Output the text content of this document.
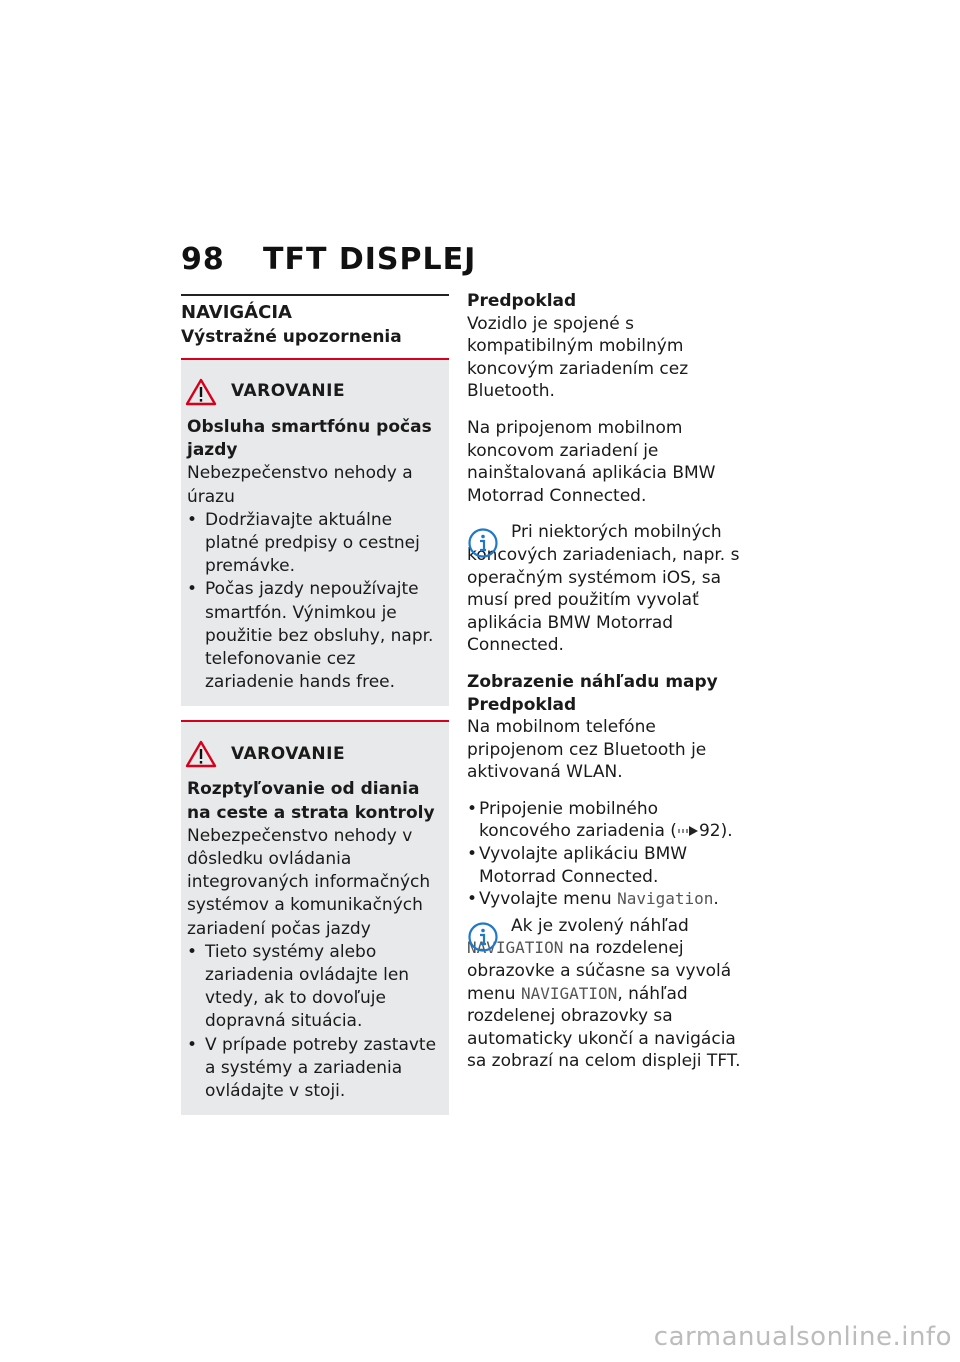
98 TFT DISPLEJ
NAVIGÁCIA
Výstražné upozornenia
VAROVANIE
Obsluha smartfónu počas jazdy
Nebezpečenstvo nehody a úrazu
• Dodržiavajte aktuálne platné predpisy o cestnej premávke.
• Počas jazdy nepoužívajte smartfón. Výnimkou je použitie bez obsluhy, napr. telefonovanie cez zariadenie hands free.
VAROVANIE
Rozptyľovanie od diania na ceste a strata kontroly
Nebezpečenstvo nehody v dôsledku ovládania integrovaných informačných systémov a komunikačných zariadení počas jazdy
• Tieto systémy alebo zariadenia ovládajte len vtedy, ak to dovoľuje dopravná situácia.
• V prípade potreby zastavte a systémy a zariadenia ovládajte v stoji.

Predpoklad

Vozidlo je spojené s kompatibilným mobilným koncovým zariadením cez Bluetooth.

Na pripojenom mobilnom koncovom zariadení je nainštalovaná aplikácia BMW Motorrad Connected.

Pri niektorých mobilných koncových zariadeniach, napr. s operačným systémom iOS, sa musí pred použitím vyvolať aplikácia BMW Motorrad Connected.

Zobrazenie náhľadu mapy

Predpoklad

Na mobilnom telefóne pripojenom cez Bluetooth je aktivovaná WLAN.

• Pripojenie mobilného koncového zariadenia ( 92).
• Vyvolajte aplikáciu BMW Motorrad Connected.
• Vyvolajte menu Navigation.

Ak je zvolený náhľad NAVIGATION na rozdelenej obrazovke a súčasne sa vyvolá menu NAVIGATION, náhľad rozdelenej obrazovky sa automaticky ukončí a navigácia sa zobrazí na celom displeji TFT.

carmanualsonline.info
